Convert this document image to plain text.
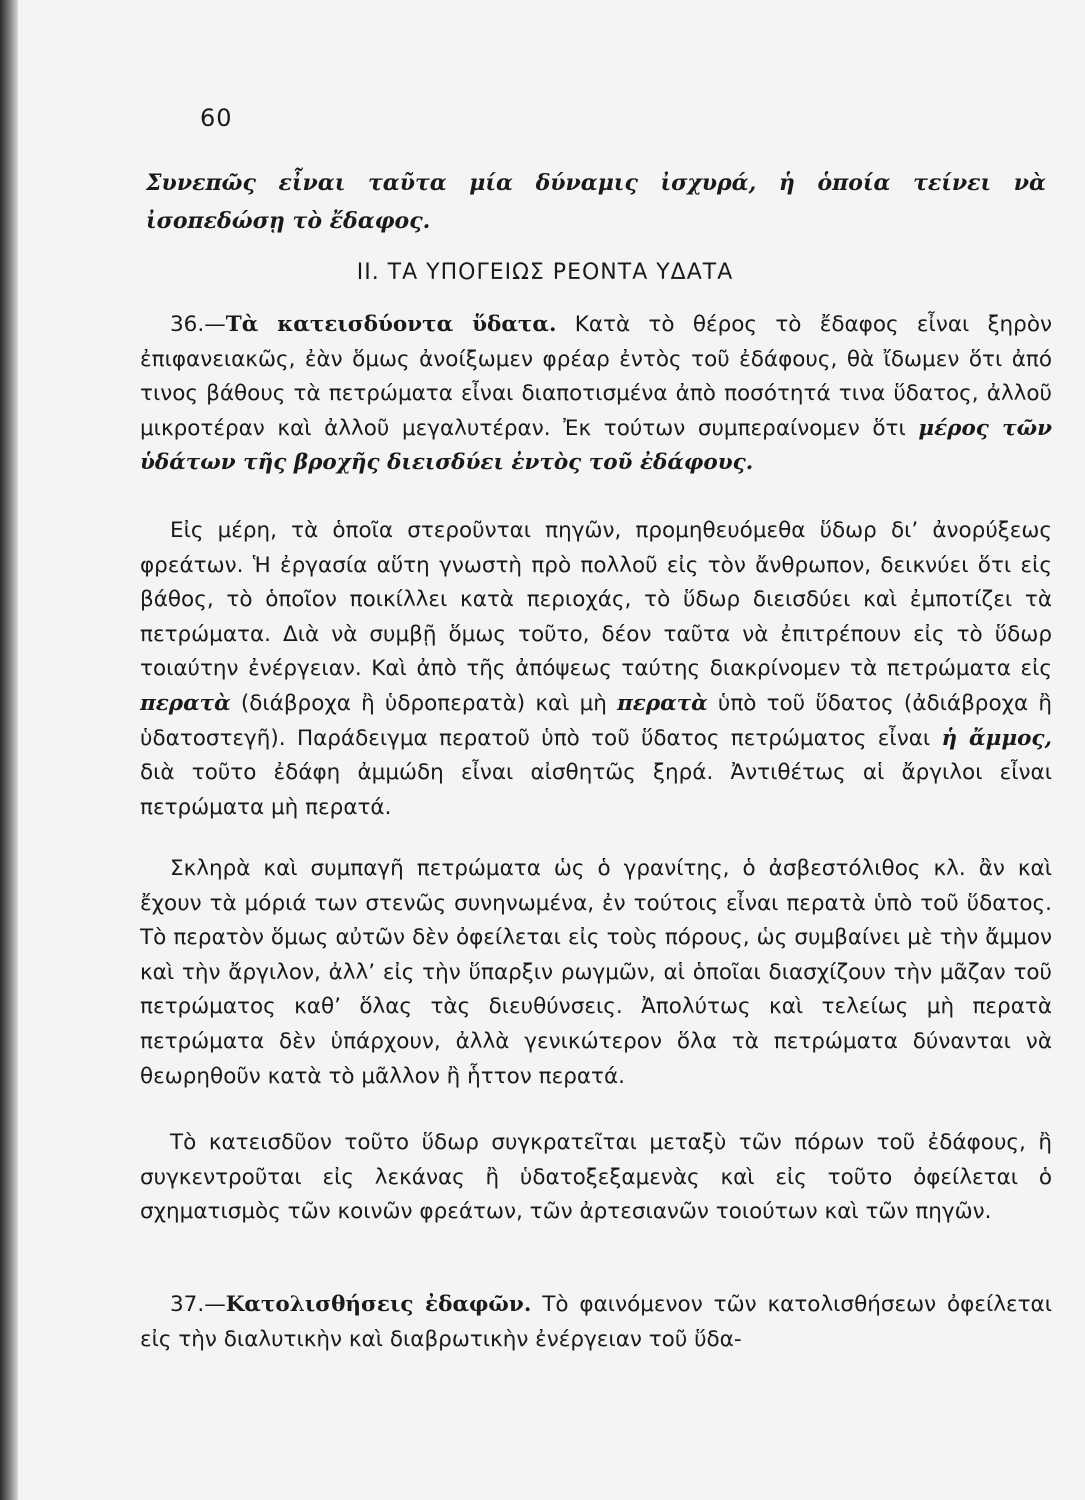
60

Συνεπῶς εἶναι ταῦτα μία δύναμις ἰσχυρά, ἡ ὁποία τείνει νὰ ἰσοπεδώσῃ τὸ ἔδαφος.

II. ΤΑ ΥΠΟΓΕΙΩΣ ΡΕΟΝΤΑ ΥΔΑΤΑ

36.—Τὰ κατεισδύοντα ὕδατα. Κατὰ τὸ θέρος τὸ ἔδαφος εἶναι ξηρὸν ἐπιφανειακῶς, ἐὰν ὅμως ἀνοίξωμεν φρέαρ ἐντὸς τοῦ ἐδάφους, θὰ ἴδωμεν ὅτι ἀπό τινος βάθους τὰ πετρώματα εἶναι διαποτισμένα ἀπὸ ποσότητά τινα ὕδατος, ἀλλοῦ μικροτέραν καὶ ἀλλοῦ μεγαλυτέραν. Ἐκ τούτων συμπεραίνομεν ὅτι μέρος τῶν ὑδάτων τῆς βροχῆς διεισδύει ἐντὸς τοῦ ἐδάφους.

Εἰς μέρη, τὰ ὁποῖα στεροῦνται πηγῶν, προμηθευόμεθα ὕδωρ δι’ ἀνορύξεως φρεάτων. Ἡ ἐργασία αὕτη γνωστὴ πρὸ πολλοῦ εἰς τὸν ἄνθρωπον, δεικνύει ὅτι εἰς βάθος, τὸ ὁποῖον ποικίλλει κατὰ περιοχάς, τὸ ὕδωρ διεισδύει καὶ ἐμποτίζει τὰ πετρώματα. Διὰ νὰ συμβῇ ὅμως τοῦτο, δέον ταῦτα νὰ ἐπιτρέπουν εἰς τὸ ὕδωρ τοιαύτην ἐνέργειαν. Καὶ ἀπὸ τῆς ἀπόψεως ταύτης διακρίνομεν τὰ πετρώματα εἰς περατὰ (διάβροχα ἢ ὑδροπερατὰ) καὶ μὴ περατὰ ὑπὸ τοῦ ὕδατος (ἀδιάβροχα ἢ ὑδατοστεγῆ). Παράδειγμα περατοῦ ὑπὸ τοῦ ὕδατος πετρώματος εἶναι ἡ ἄμμος, διὰ τοῦτο ἐδάφη ἀμμώδη εἶναι αἰσθητῶς ξηρά. Ἀντιθέτως αἱ ἄργιλοι εἶναι πετρώματα μὴ περατά.

Σκληρὰ καὶ συμπαγῆ πετρώματα ὡς ὁ γρανίτης, ὁ ἀσβεστόλιθος κλ. ἂν καὶ ἔχουν τὰ μόριά των στενῶς συνηνωμένα, ἐν τούτοις εἶναι περατὰ ὑπὸ τοῦ ὕδατος. Τὸ περατὸν ὅμως αὐτῶν δὲν ὀφείλεται εἰς τοὺς πόρους, ὡς συμβαίνει μὲ τὴν ἄμμον καὶ τὴν ἄργιλον, ἀλλ’ εἰς τὴν ὕπαρξιν ρωγμῶν, αἱ ὁποῖαι διασχίζουν τὴν μᾶζαν τοῦ πετρώματος καθ’ ὅλας τὰς διευθύνσεις. Ἀπολύτως καὶ τελείως μὴ περατὰ πετρώματα δὲν ὑπάρχουν, ἀλλὰ γενικώτερον ὅλα τὰ πετρώματα δύνανται νὰ θεωρηθοῦν κατὰ τὸ μᾶλλον ἢ ἧττον περατά.

Τὸ κατεισδῦον τοῦτο ὕδωρ συγκρατεῖται μεταξὺ τῶν πόρων τοῦ ἐδάφους, ἢ συγκεντροῦται εἰς λεκάνας ἢ ὑδατοξεξαμενὰς καὶ εἰς τοῦτο ὀφείλεται ὁ σχηματισμὸς τῶν κοινῶν φρεάτων, τῶν ἀρτεσιανῶν τοιούτων καὶ τῶν πηγῶν.

37.—Κατολισθήσεις ἐδαφῶν. Τὸ φαινόμενον τῶν κατολισθήσεων ὀφείλεται εἰς τὴν διαλυτικὴν καὶ διαβρωτικὴν ἐνέργειαν τοῦ ὕδα-
